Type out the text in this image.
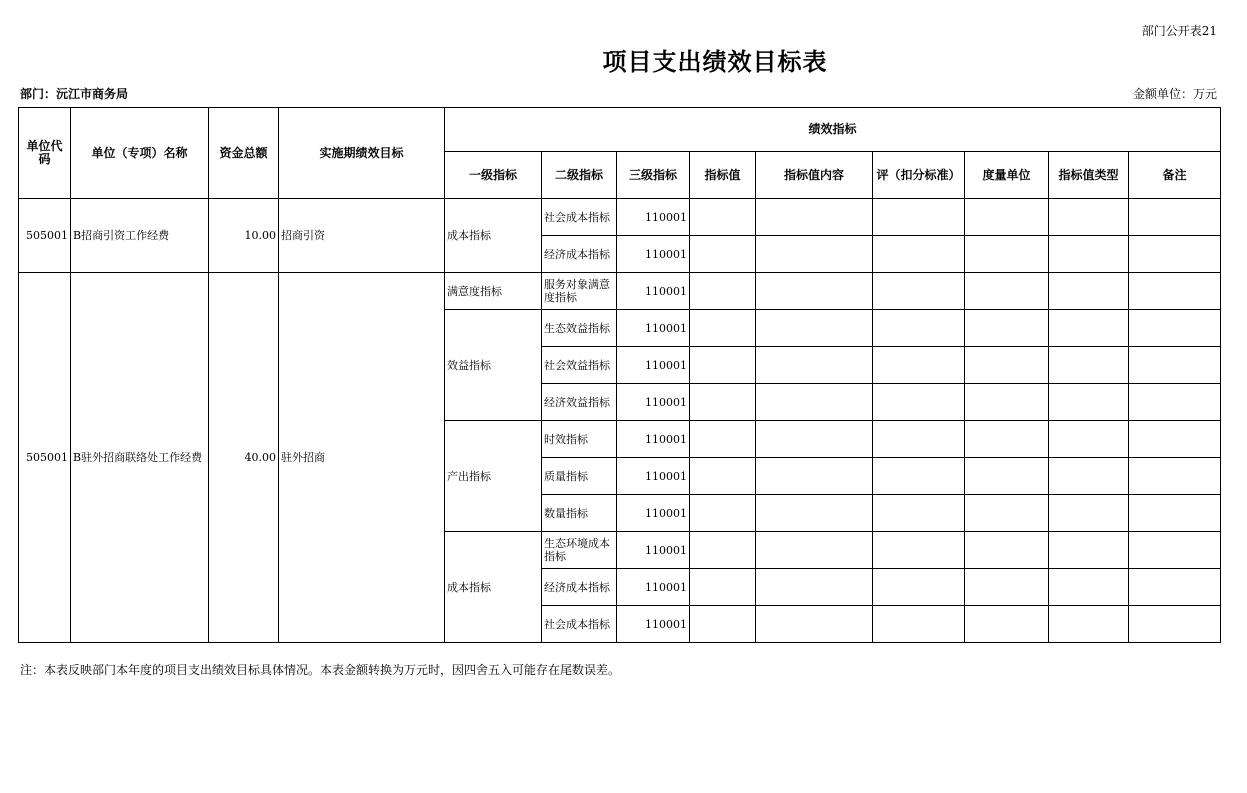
部门公开表21
项目支出绩效目标表
部门：沅江市商务局	金额单位：万元
单位代码	单位（专项）名称	资金总额	实施期绩效目标	绩效指标								
				一级指标	二级指标	三级指标	指标值	指标值内容	评（扣分标准）	度量单位	指标值类型	备注
505001	B招商引资工作经费	10.00	招商引资	成本指标	社会成本指标	110001						
					经济成本指标	110001						
505001	B驻外招商联络处工作经费	40.00	驻外招商	满意度指标	服务对象满意度指标	110001						
				效益指标	生态效益指标	110001						
					社会效益指标	110001						
					经济效益指标	110001						
				产出指标	时效指标	110001						
					质量指标	110001						
					数量指标	110001						
				成本指标	生态环境成本指标	110001						
					经济成本指标	110001						
					社会成本指标	110001						
注：本表反映部门本年度的项目支出绩效目标具体情况。本表金额转换为万元时，因四舍五入可能存在尾数误差。
